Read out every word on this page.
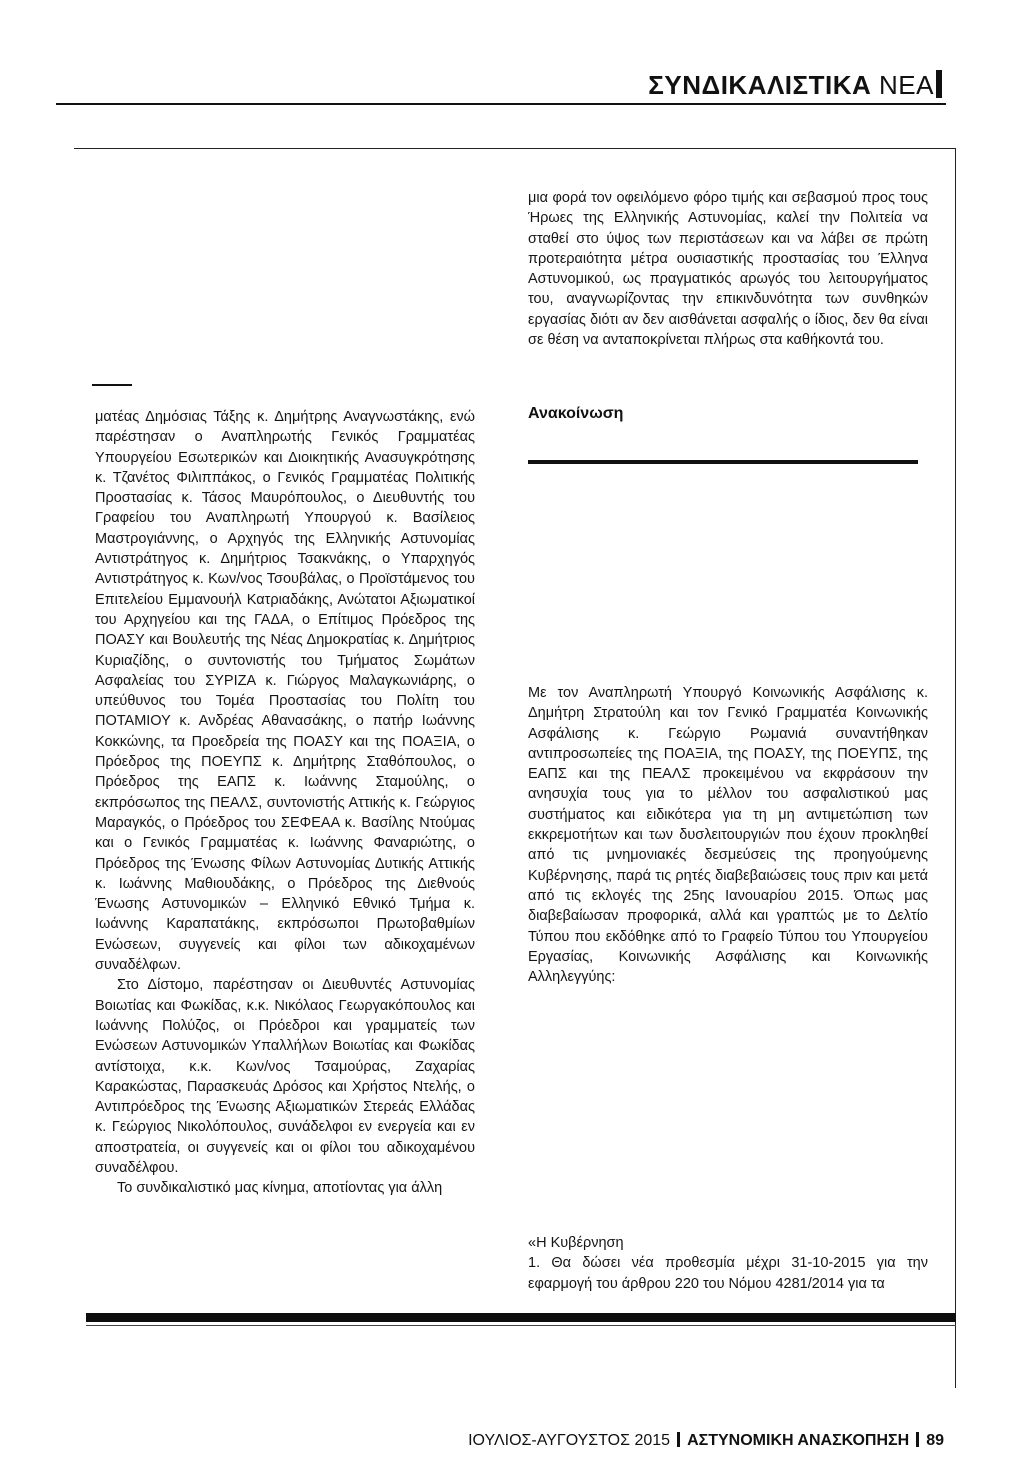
ΣΥΝΔΙΚΑΛΙΣΤΙΚΑ ΝΕΑ

ματέας Δημόσιας Τάξης κ. Δημήτρης Αναγνωστάκης, ενώ παρέστησαν ο Αναπληρωτής Γενικός Γραμματέας Υπουργείου Εσωτερικών και Διοικητικής Ανασυγκρότησης κ. Τζανέτος Φιλιππάκος, ο Γενικός Γραμματέας Πολιτικής Προστασίας κ. Τάσος Μαυρόπουλος, ο Διευθυντής του Γραφείου του Αναπληρωτή Υπουργού κ. Βασίλειος Μαστρογιάννης, ο Αρχηγός της Ελληνικής Αστυνομίας Αντιστράτηγος κ. Δημήτριος Τσακνάκης, ο Υπαρχηγός Αντιστράτηγος κ. Κων/νος Τσουβάλας, ο Προϊστάμενος του Επιτελείου Εμμανουήλ Κατριαδάκης, Ανώτατοι Αξιωματικοί του Αρχηγείου και της ΓΑΔΑ, ο Επίτιμος Πρόεδρος της ΠΟΑΣΥ και Βουλευτής της Νέας Δημοκρατίας κ. Δημήτριος Κυριαζίδης, ο συντονιστής του Τμήματος Σωμάτων Ασφαλείας του ΣΥΡΙΖΑ κ. Γιώργος Μαλαγκωνιάρης, ο υπεύθυνος του Τομέα Προστασίας του Πολίτη του ΠΟΤΑΜΙΟΥ κ. Ανδρέας Αθανασάκης, ο πατήρ Ιωάννης Κοκκώνης, τα Προεδρεία της ΠΟΑΣΥ και της ΠΟΑΞΙΑ, ο Πρόεδρος της ΠΟΕΥΠΣ κ. Δημήτρης Σταθόπουλος, ο Πρόεδρος της ΕΑΠΣ κ. Ιωάννης Σταμούλης, ο εκπρόσωπος της ΠΕΑΛΣ, συντονιστής Αττικής κ. Γεώργιος Μαραγκός, ο Πρόεδρος του ΣΕΦΕΑΑ κ. Βασίλης Ντούμας και ο Γενικός Γραμματέας κ. Ιωάννης Φαναριώτης, ο Πρόεδρος της Ένωσης Φίλων Αστυνομίας Δυτικής Αττικής κ. Ιωάννης Μαθιουδάκης, ο Πρόεδρος της Διεθνούς Ένωσης Αστυνομικών – Ελληνικό Εθνικό Τμήμα κ. Ιωάννης Καραπατάκης, εκπρόσωποι Πρωτοβαθμίων Ενώσεων, συγγενείς και φίλοι των αδικοχαμένων συναδέλφων.

Στο Δίστομο, παρέστησαν οι Διευθυντές Αστυνομίας Βοιωτίας και Φωκίδας, κ.κ. Νικόλαος Γεωργακόπουλος και Ιωάννης Πολύζος, οι Πρόεδροι και γραμματείς των Ενώσεων Αστυνομικών Υπαλλήλων Βοιωτίας και Φωκίδας αντίστοιχα, κ.κ. Κων/νος Τσαμούρας, Ζαχαρίας Καρακώστας, Παρασκευάς Δρόσος και Χρήστος Ντελής, ο Αντιπρόεδρος της Ένωσης Αξιωματικών Στερεάς Ελλάδας κ. Γεώργιος Νικολόπουλος, συνάδελφοι εν ενεργεία και εν αποστρατεία, οι συγγενείς και οι φίλοι του αδικοχαμένου συναδέλφου.

Το συνδικαλιστικό μας κίνημα, αποτίοντας για άλλη

μια φορά τον οφειλόμενο φόρο τιμής και σεβασμού προς τους Ήρωες της Ελληνικής Αστυνομίας, καλεί την Πολιτεία να σταθεί στο ύψος των περιστάσεων και να λάβει σε πρώτη προτεραιότητα μέτρα ουσιαστικής προστασίας του Έλληνα Αστυνομικού, ως πραγματικός αρωγός του λειτουργήματος του, αναγνωρίζοντας την επικινδυνότητα των συνθηκών εργασίας διότι αν δεν αισθάνεται ασφαλής ο ίδιος, δεν θα είναι σε θέση να ανταποκρίνεται πλήρως στα καθήκοντά του.

Ανακοίνωση

Με τον Αναπληρωτή Υπουργό Κοινωνικής Ασφάλισης κ. Δημήτρη Στρατούλη και τον Γενικό Γραμματέα Κοινωνικής Ασφάλισης κ. Γεώργιο Ρωμανιά συναντήθηκαν αντιπροσωπείες της ΠΟΑΞΙΑ, της ΠΟΑΣΥ, της ΠΟΕΥΠΣ, της ΕΑΠΣ και της ΠΕΑΛΣ προκειμένου να εκφράσουν την ανησυχία τους για το μέλλον του ασφαλιστικού μας συστήματος και ειδικότερα για τη μη αντιμετώπιση των εκκρεμοτήτων και των δυσλειτουργιών που έχουν προκληθεί από τις μνημονιακές δεσμεύσεις της προηγούμενης Κυβέρνησης, παρά τις ρητές διαβεβαιώσεις τους πριν και μετά από τις εκλογές της 25ης Ιανουαρίου 2015. Όπως μας διαβεβαίωσαν προφορικά, αλλά και γραπτώς με το Δελτίο Τύπου που εκδόθηκε από το Γραφείο Τύπου του Υπουργείου Εργασίας, Κοινωνικής Ασφάλισης και Κοινωνικής Αλληλεγγύης:

«Η Κυβέρνηση

1. Θα δώσει νέα προθεσμία μέχρι 31-10-2015 για την εφαρμογή του άρθρου 220 του Νόμου 4281/2014 για τα

ΙΟΥΛΙΟΣ-ΑΥΓΟΥΣΤΟΣ 2015 ΑΣΤΥΝΟΜΙΚΗ ΑΝΑΣΚΟΠΗΣΗ 89
